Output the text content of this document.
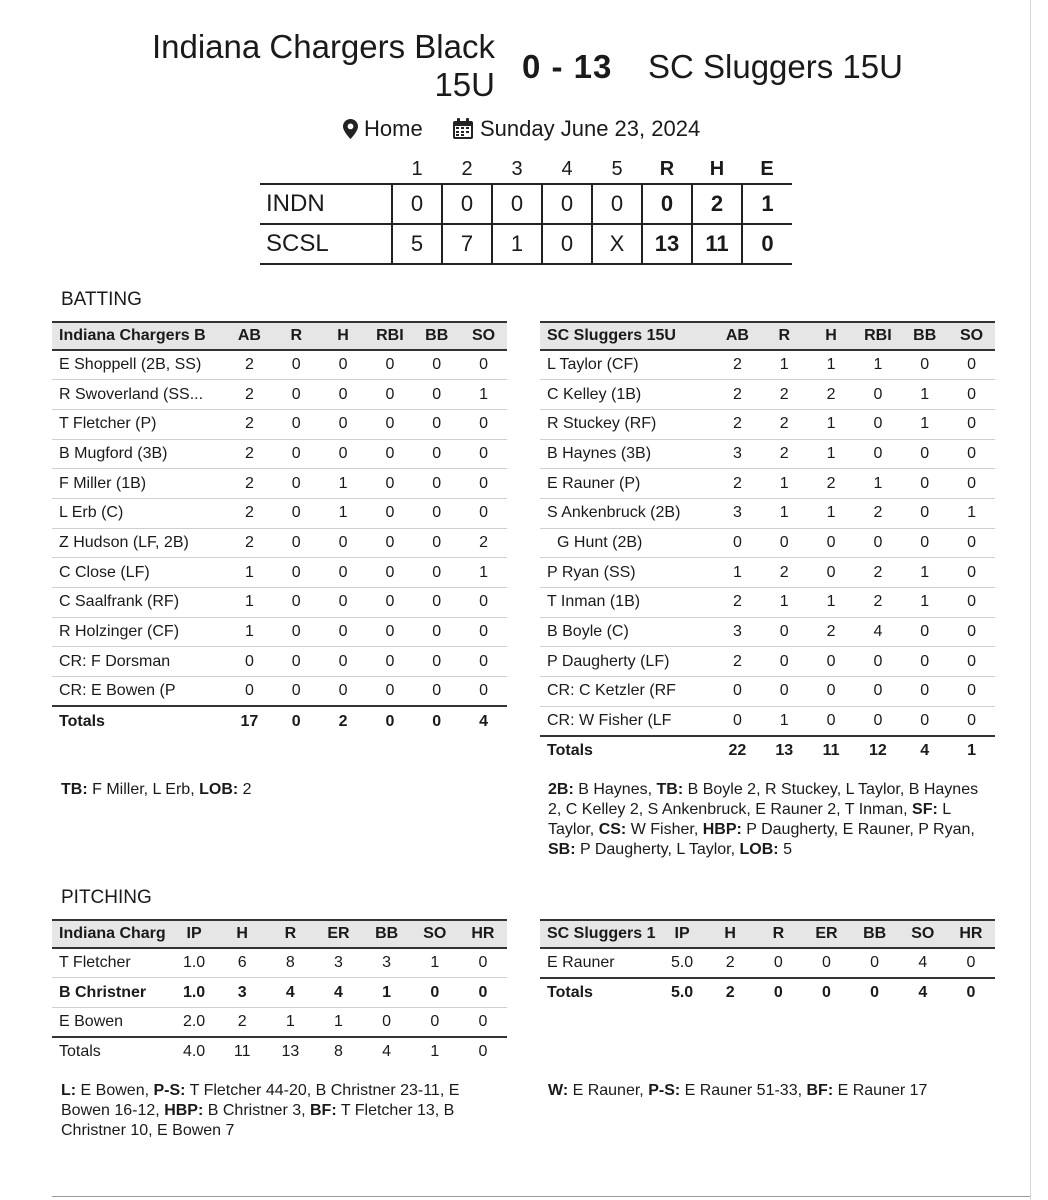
Indiana Chargers Black 15U 0 - 13 SC Sluggers 15U
Home	Sunday June 23, 2024
	1	2	3	4	5	R	H	E
INDN	0	0	0	0	0	0	2	1
SCSL	5	7	1	0	X	13	11	0
BATTING
Indiana Chargers B	AB	R	H	RBI	BB	SO
E Shoppell (2B, SS)	2	0	0	0	0	0
R Swoverland (SS...	2	0	0	0	0	1
T Fletcher (P)	2	0	0	0	0	0
B Mugford (3B)	2	0	0	0	0	0
F Miller (1B)	2	0	1	0	0	0
L Erb (C)	2	0	1	0	0	0
Z Hudson (LF, 2B)	2	0	0	0	0	2
C Close (LF)	1	0	0	0	0	1
C Saalfrank (RF)	1	0	0	0	0	0
R Holzinger (CF)	1	0	0	0	0	0
CR: F Dorsman	0	0	0	0	0	0
CR: E Bowen (P	0	0	0	0	0	0
Totals	17	0	2	0	0	4
SC Sluggers 15U	AB	R	H	RBI	BB	SO
L Taylor (CF)	2	1	1	1	0	0
C Kelley (1B)	2	2	2	0	1	0
R Stuckey (RF)	2	2	1	0	1	0
B Haynes (3B)	3	2	1	0	0	0
E Rauner (P)	2	1	2	1	0	0
S Ankenbruck (2B)	3	1	1	2	0	1
G Hunt (2B)	0	0	0	0	0	0
P Ryan (SS)	1	2	0	2	1	0
T Inman (1B)	2	1	1	2	1	0
B Boyle (C)	3	0	2	4	0	0
P Daugherty (LF)	2	0	0	0	0	0
CR: C Ketzler (RF	0	0	0	0	0	0
CR: W Fisher (LF	0	1	0	0	0	0
Totals	22	13	11	12	4	1
TB: F Miller, L Erb, LOB: 2	2B: B Haynes, TB: B Boyle 2, R Stuckey, L Taylor, B Haynes 2, C Kelley 2, S Ankenbruck, E Rauner 2, T Inman, SF: L Taylor, CS: W Fisher, HBP: P Daugherty, E Rauner, P Ryan, SB: P Daugherty, L Taylor, LOB: 5
PITCHING
Indiana Charg	IP	H	R	ER	BB	SO	HR
T Fletcher	1.0	6	8	3	3	1	0
B Christner	1.0	3	4	4	1	0	0
E Bowen	2.0	2	1	1	0	0	0
Totals	4.0	11	13	8	4	1	0
SC Sluggers 1	IP	H	R	ER	BB	SO	HR
E Rauner	5.0	2	0	0	0	4	0
Totals	5.0	2	0	0	0	4	0
L: E Bowen, P-S: T Fletcher 44-20, B Christner 23-11, E Bowen 16-12, HBP: B Christner 3, BF: T Fletcher 13, B Christner 10, E Bowen 7
W: E Rauner, P-S: E Rauner 51-33, BF: E Rauner 17
